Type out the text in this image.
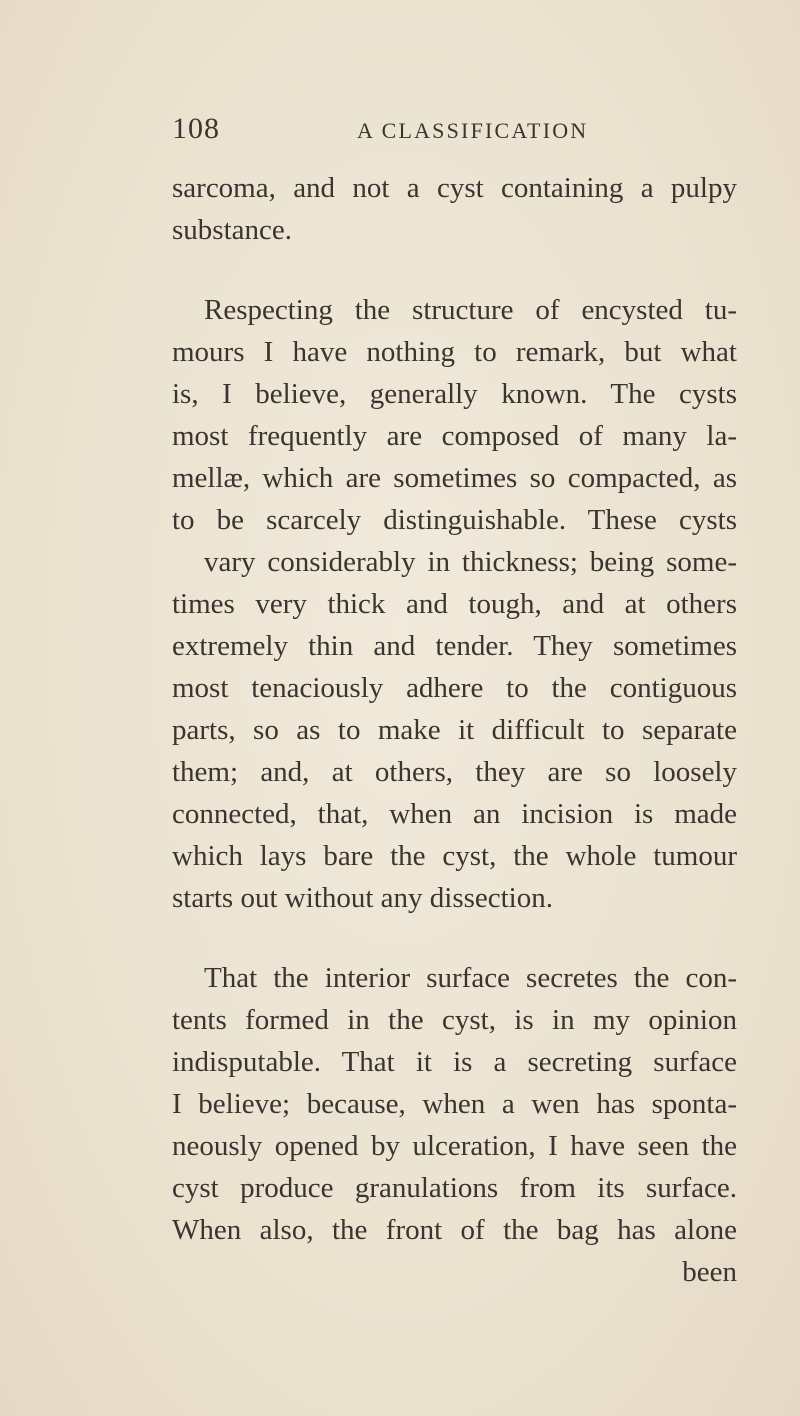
108	A CLASSIFICATION
sarcoma, and not a cyst containing a pulpy
substance.
Respecting the structure of encysted tu-
mours I have nothing to remark, but what
is, I believe, generally known. The cysts
most frequently are composed of many la-
mellæ, which are sometimes so compacted, as
to be scarcely distinguishable. These cysts
vary considerably in thickness; being some-
times very thick and tough, and at others
extremely thin and tender. They sometimes
most tenaciously adhere to the contiguous
parts, so as to make it difficult to separate
them; and, at others, they are so loosely
connected, that, when an incision is made
which lays bare the cyst, the whole tumour
starts out without any dissection.
That the interior surface secretes the con-
tents formed in the cyst, is in my opinion
indisputable. That it is a secreting surface
I believe; because, when a wen has sponta-
neously opened by ulceration, I have seen the
cyst produce granulations from its surface.
When also, the front of the bag has alone
been
